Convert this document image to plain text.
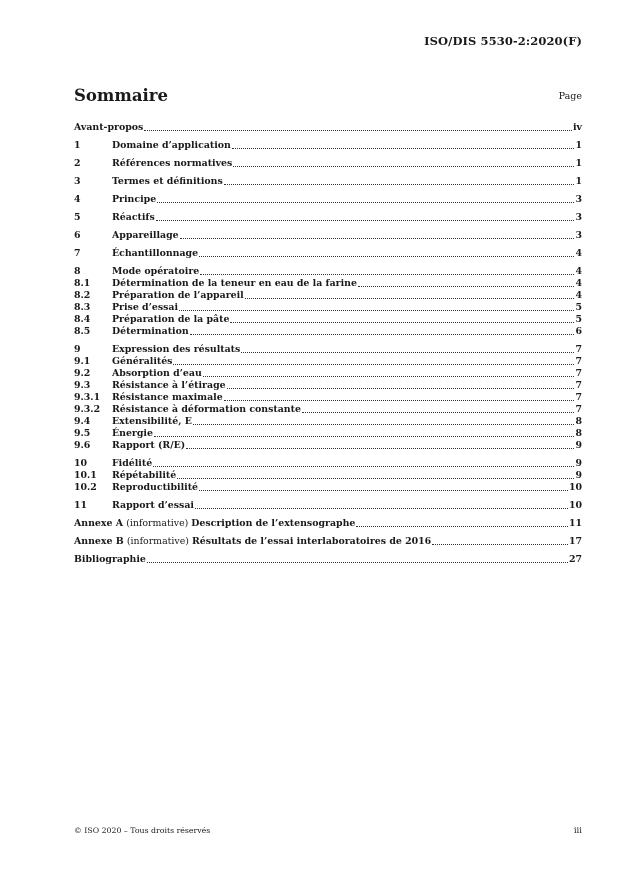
ISO/DIS 5530-2:2020(F)
Sommaire	Page
Avant-propos	iv
1	Domaine d’application	1
2	Références normatives	1
3	Termes et définitions	1
4	Principe	3
5	Réactifs	3
6	Appareillage	3
7	Échantillonnage	4
8	Mode opératoire	4
8.1	Détermination de la teneur en eau de la farine	4
8.2	Préparation de l’appareil	4
8.3	Prise d’essai	5
8.4	Préparation de la pâte	5
8.5	Détermination	6
9	Expression des résultats	7
9.1	Généralités	7
9.2	Absorption d’eau	7
9.3	Résistance à l’étirage	7
9.3.1	Résistance maximale	7
9.3.2	Résistance à déformation constante	7
9.4	Extensibilité, E	8
9.5	Énergie	8
9.6	Rapport (R/E)	9
10	Fidélité	9
10.1	Répétabilité	9
10.2	Reproductibilité	10
11	Rapport d’essai	10
Annexe A (informative) Description de l’extensographe	11
Annexe B (informative) Résultats de l’essai interlaboratoires de 2016	17
Bibliographie	27
© ISO 2020 – Tous droits réservés	iii
